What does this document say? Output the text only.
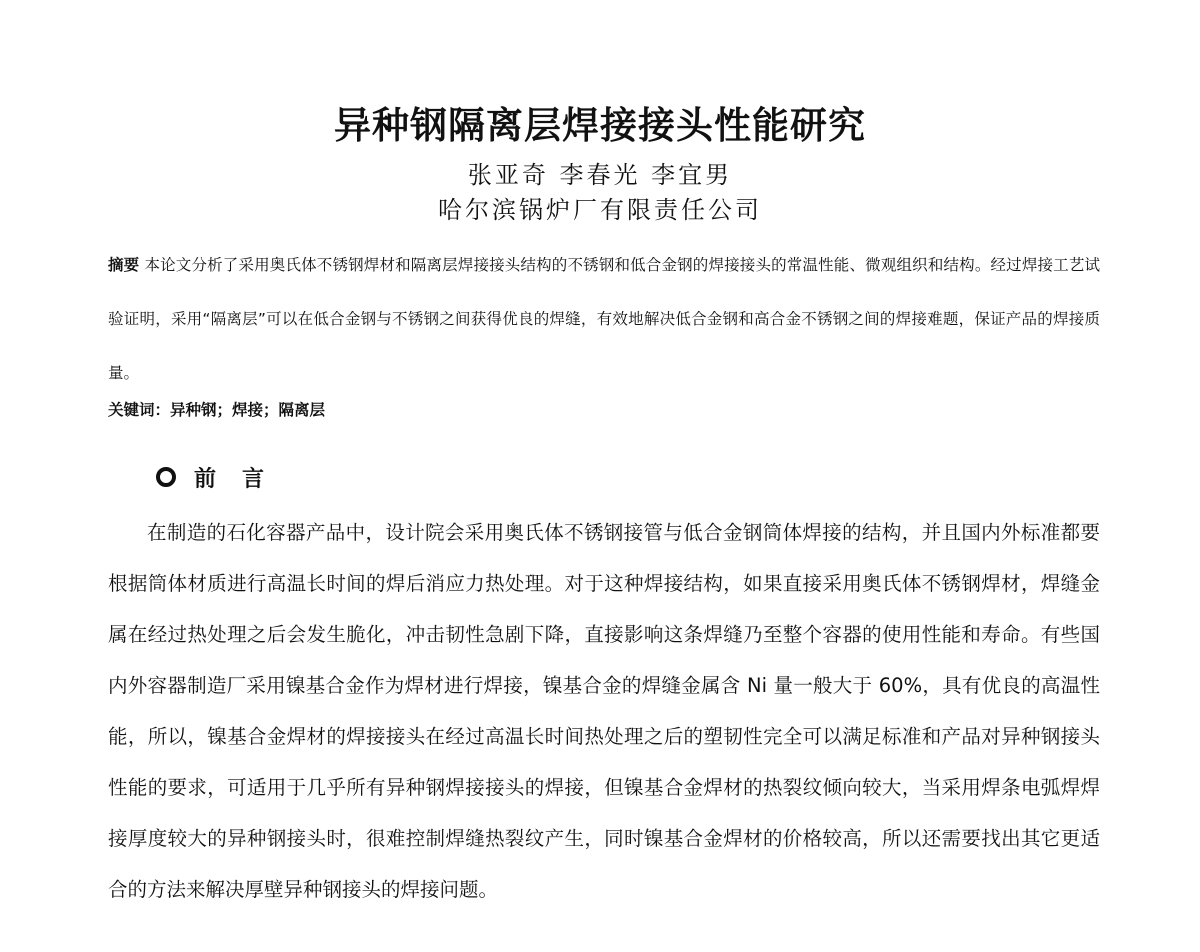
异种钢隔离层焊接接头性能研究
张亚奇 李春光 李宜男
哈尔滨锅炉厂有限责任公司
摘要 本论文分析了采用奥氏体不锈钢焊材和隔离层焊接接头结构的不锈钢和低合金钢的焊接接头的常温性能、微观组织和结构。经过焊接工艺试验证明，采用“隔离层”可以在低合金钢与不锈钢之间获得优良的焊缝，有效地解决低合金钢和高合金不锈钢之间的焊接难题，保证产品的焊接质量。
关键词：异种钢；焊接；隔离层
前言
在制造的石化容器产品中，设计院会采用奥氏体不锈钢接管与低合金钢筒体焊接的结构，并且国内外标准都要根据筒体材质进行高温长时间的焊后消应力热处理。对于这种焊接结构，如果直接采用奥氏体不锈钢焊材，焊缝金属在经过热处理之后会发生脆化，冲击韧性急剧下降，直接影响这条焊缝乃至整个容器的使用性能和寿命。有些国内外容器制造厂采用镍基合金作为焊材进行焊接，镍基合金的焊缝金属含 Ni 量一般大于 60%，具有优良的高温性能，所以，镍基合金焊材的焊接接头在经过高温长时间热处理之后的塑韧性完全可以满足标准和产品对异种钢接头性能的要求，可适用于几乎所有异种钢焊接接头的焊接，但镍基合金焊材的热裂纹倾向较大，当采用焊条电弧焊焊接厚度较大的异种钢接头时，很难控制焊缝热裂纹产生，同时镍基合金焊材的价格较高，所以还需要找出其它更适合的方法来解决厚壁异种钢接头的焊接问题。
